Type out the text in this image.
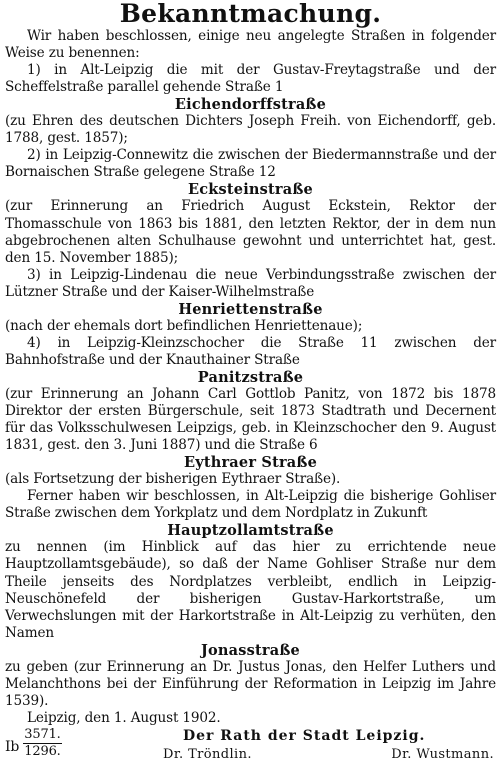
Bekanntmachung.

Wir haben beschlossen, einige neu angelegte Straßen in folgender Weise zu benennen:

1) in Alt-Leipzig die mit der Gustav-Freytagstraße und der Scheffelstraße parallel gehende Straße 1

Eichendorffstraße

(zu Ehren des deutschen Dichters Joseph Freih. von Eichendorff, geb. 1788, gest. 1857);

2) in Leipzig-Connewitz die zwischen der Biedermannstraße und der Bornaischen Straße gelegene Straße 12

Ecksteinstraße

(zur Erinnerung an Friedrich August Eckstein, Rektor der Thomasschule von 1863 bis 1881, den letzten Rektor, der in dem nun abgebrochenen alten Schulhause gewohnt und unterrichtet hat, gest. den 15. November 1885);

3) in Leipzig-Lindenau die neue Verbindungsstraße zwischen der Lützner Straße und der Kaiser-Wilhelmstraße

Henriettenstraße

(nach der ehemals dort befindlichen Henriettenaue);

4) in Leipzig-Kleinzschocher die Straße 11 zwischen der Bahnhofstraße und der Knauthainer Straße

Panitzstraße

(zur Erinnerung an Johann Carl Gottlob Panitz, von 1872 bis 1878 Direktor der ersten Bürgerschule, seit 1873 Stadtrath und Decernent für das Volksschulwesen Leipzigs, geb. in Kleinzschocher den 9. August 1831, gest. den 3. Juni 1887) und die Straße 6

Eythraer Straße

(als Fortsetzung der bisherigen Eythraer Straße).

Ferner haben wir beschlossen, in Alt-Leipzig die bisherige Gohliser Straße zwischen dem Yorkplatz und dem Nordplatz in Zukunft

Hauptzollamtstraße

zu nennen (im Hinblick auf das hier zu errichtende neue Hauptzollamtsgebäude), so daß der Name Gohliser Straße nur dem Theile jenseits des Nordplatzes verbleibt, endlich in Leipzig-Neuschönefeld der bisherigen Gustav-Harkortstraße, um Verwechslungen mit der Harkortstraße in Alt-Leipzig zu verhüten, den Namen

Jonasstraße

zu geben (zur Erinnerung an Dr. Justus Jonas, den Helfer Luthers und Melanchthons bei der Einführung der Reformation in Leipzig im Jahre 1539).

Leipzig, den 1. August 1902.
Ib $\frac{3571.}{1296.}$	Der Rath der Stadt Leipzig.
Dr. Tröndlin.	Dr. Wustmann.
